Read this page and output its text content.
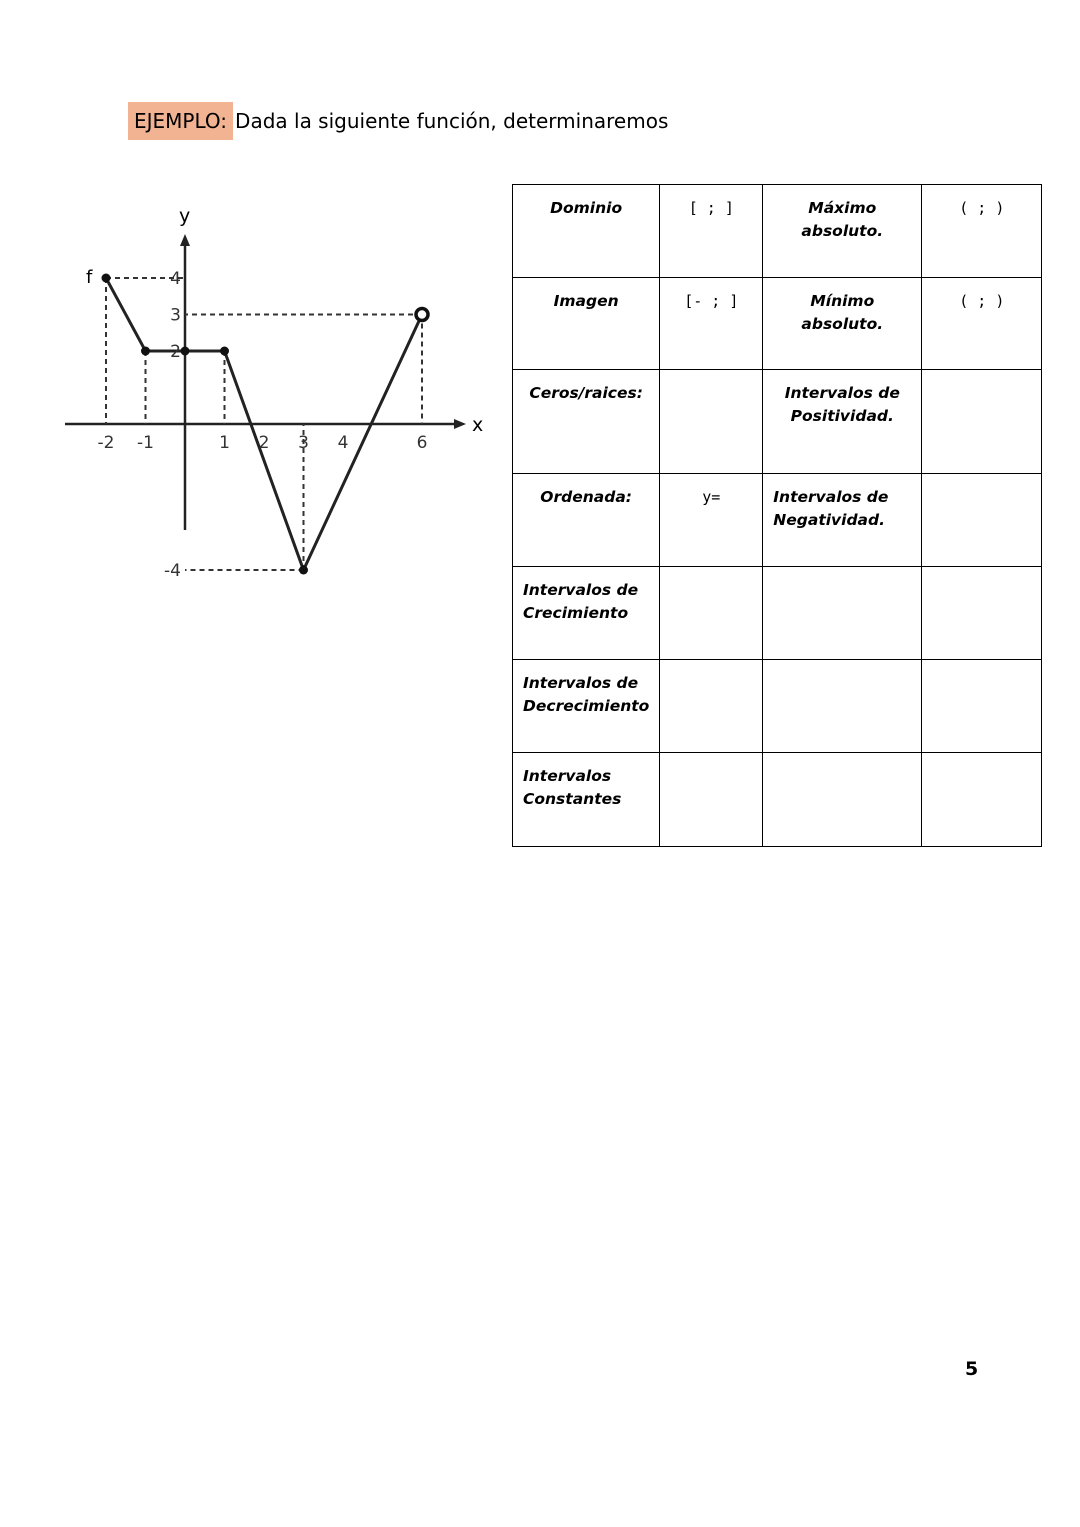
EJEMPLO: Dada la siguiente función, determinaremos
x
y
f
-2 -1	1 2 3 4	6
4
3
2
-4
Dominio	[ ; ]	Máximo absoluto.	( ; )
Imagen	[- ; ]	Mínimo absoluto.	( ; )
Ceros/raices:		Intervalos de Positividad.	
Ordenada:	y=	Intervalos de Negatividad.	
Intervalos de Crecimiento			
Intervalos de Decrecimiento			
Intervalos Constantes			
5
